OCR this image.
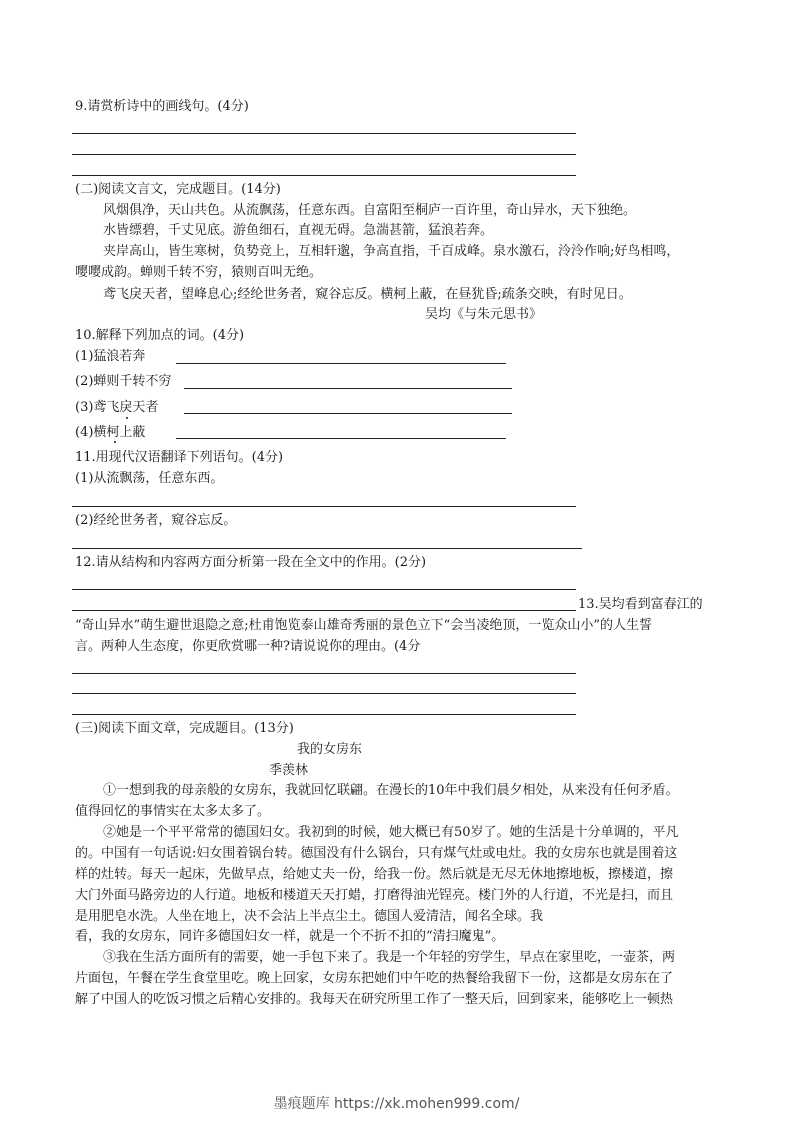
9.请赏析诗中的画线句。(4分)
(二)阅读文言文，完成题目。(14分)
风烟俱净，天山共色。从流飘荡，任意东西。自富阳至桐庐一百许里，奇山异水，天下独绝。
水皆缥碧，千丈见底。游鱼细石，直视无碍。急湍甚箭，猛浪若奔。
夹岸高山，皆生寒树，负势竞上，互相轩邈，争高直指，千百成峰。泉水激石，泠泠作响;好鸟相鸣，
嘤嘤成韵。蝉则千转不穷，猿则百叫无绝。
鸢飞戾天者，望峰息心;经纶世务者，窥谷忘反。横柯上蔽，在昼犹昏;疏条交映，有时见日。
吴均《与朱元思书》
10.解释下列加点的词。(4分)
(1)猛浪若奔
(2)蝉则千转不穷
(3)鸢飞戾天者
(4)横柯上蔽
11.用现代汉语翻译下列语句。(4分)
(1)从流飘荡，任意东西。
(2)经纶世务者，窥谷忘反。
12.请从结构和内容两方面分析第一段在全文中的作用。(2分)
13.吴均看到富春江的
“奇山异水”萌生避世退隐之意;杜甫饱览泰山雄奇秀丽的景色立下“会当凌绝顶，一览众山小”的人生誓
言。两种人生态度，你更欣赏哪一种?请说说你的理由。(4分
(三)阅读下面文章，完成题目。(13分)
我的女房东
季羡林
①一想到我的母亲般的女房东，我就回忆联翩。在漫长的10年中我们晨夕相处，从来没有任何矛盾。
值得回忆的事情实在太多太多了。
②她是一个平平常常的德国妇女。我初到的时候，她大概已有50岁了。她的生活是十分单调的，平凡
的。中国有一句话说:妇女围着锅台转。德国没有什么锅台，只有煤气灶或电灶。我的女房东也就是围着这
样的灶转。每天一起床，先做早点，给她丈夫一份，给我一份。然后就是无尽无休地擦地板，擦楼道，擦
大门外面马路旁边的人行道。地板和楼道天天打蜡，打磨得油光锃亮。楼门外的人行道，不光是扫，而且
是用肥皂水洗。人坐在地上，决不会沾上半点尘土。德国人爱清洁，闻名全球。我
看，我的女房东，同许多德国妇女一样，就是一个不折不扣的“清扫魔鬼”。
③我在生活方面所有的需要，她一手包下来了。我是一个年轻的穷学生，早点在家里吃，一壶茶，两
片面包，午餐在学生食堂里吃。晚上回家，女房东把她们中午吃的热餐给我留下一份，这都是女房东在了
解了中国人的吃饭习惯之后精心安排的。我每天在研究所里工作了一整天后，回到家来，能够吃上一顿热
墨痕题库 https://xk.mohen999.com/
